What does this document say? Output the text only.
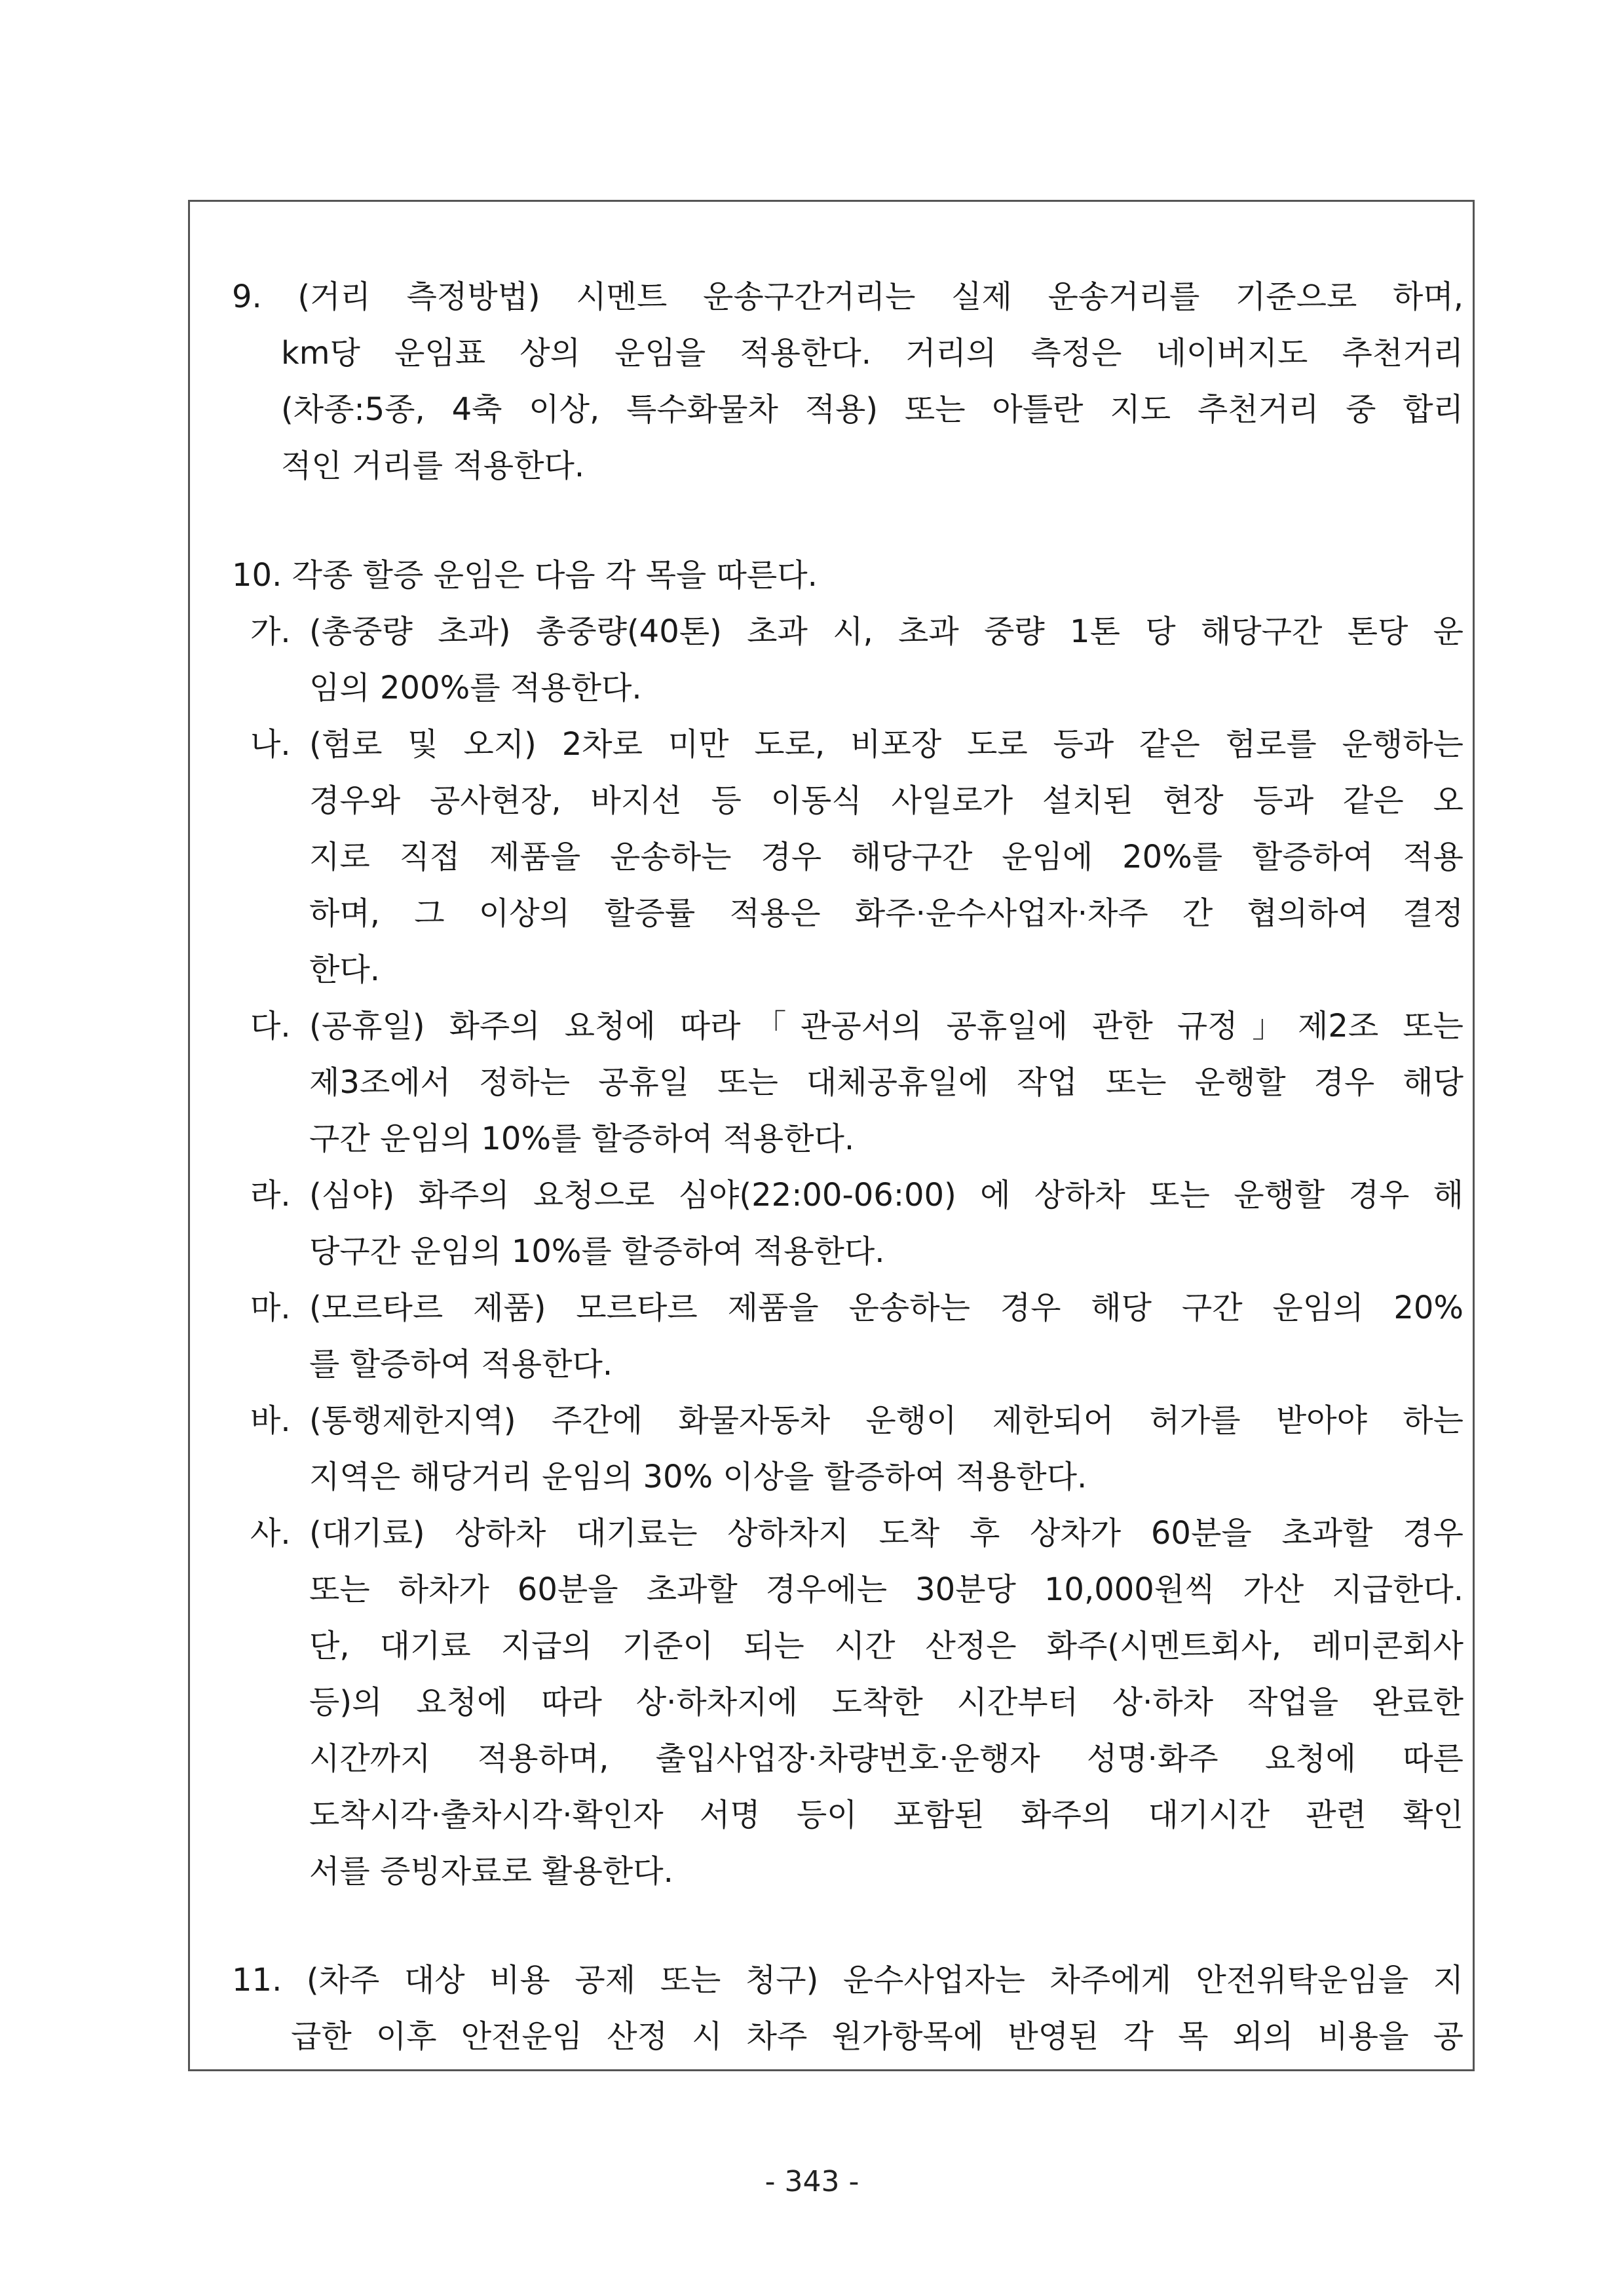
9. (거리 측정방법) 시멘트 운송구간거리는 실제 운송거리를 기준으로 하며,
km당 운임표 상의 운임을 적용한다. 거리의 측정은 네이버지도 추천거리
(차종:5종, 4축 이상, 특수화물차 적용) 또는 아틀란 지도 추천거리 중 합리
적인 거리를 적용한다.
10. 각종 할증 운임은 다음 각 목을 따른다.
가. (총중량 초과) 총중량(40톤) 초과 시, 초과 중량 1톤 당 해당구간 톤당 운
임의 200%를 적용한다.
나. (험로 및 오지) 2차로 미만 도로, 비포장 도로 등과 같은 험로를 운행하는
경우와 공사현장, 바지선 등 이동식 사일로가 설치된 현장 등과 같은 오
지로 직접 제품을 운송하는 경우 해당구간 운임에 20%를 할증하여 적용
하며, 그 이상의 할증률 적용은 화주·운수사업자·차주 간 협의하여 결정
한다.
다. (공휴일) 화주의 요청에 따라「관공서의 공휴일에 관한 규정」제2조 또는
제3조에서 정하는 공휴일 또는 대체공휴일에 작업 또는 운행할 경우 해당
구간 운임의 10%를 할증하여 적용한다.
라. (심야) 화주의 요청으로 심야(22:00-06:00) 에 상하차 또는 운행할 경우 해
당구간 운임의 10%를 할증하여 적용한다.
마. (모르타르 제품) 모르타르 제품을 운송하는 경우 해당 구간 운임의 20%
를 할증하여 적용한다.
바. (통행제한지역) 주간에 화물자동차 운행이 제한되어 허가를 받아야 하는
지역은 해당거리 운임의 30% 이상을 할증하여 적용한다.
사. (대기료) 상하차 대기료는 상하차지 도착 후 상차가 60분을 초과할 경우
또는 하차가 60분을 초과할 경우에는 30분당 10,000원씩 가산 지급한다.
단, 대기료 지급의 기준이 되는 시간 산정은 화주(시멘트회사, 레미콘회사
등)의 요청에 따라 상·하차지에 도착한 시간부터 상·하차 작업을 완료한
시간까지 적용하며, 출입사업장·차량번호·운행자 성명·화주 요청에 따른
도착시각·출차시각·확인자 서명 등이 포함된 화주의 대기시간 관련 확인
서를 증빙자료로 활용한다.
11. (차주 대상 비용 공제 또는 청구) 운수사업자는 차주에게 안전위탁운임을 지
급한 이후 안전운임 산정 시 차주 원가항목에 반영된 각 목 외의 비용을 공
- 343 -
